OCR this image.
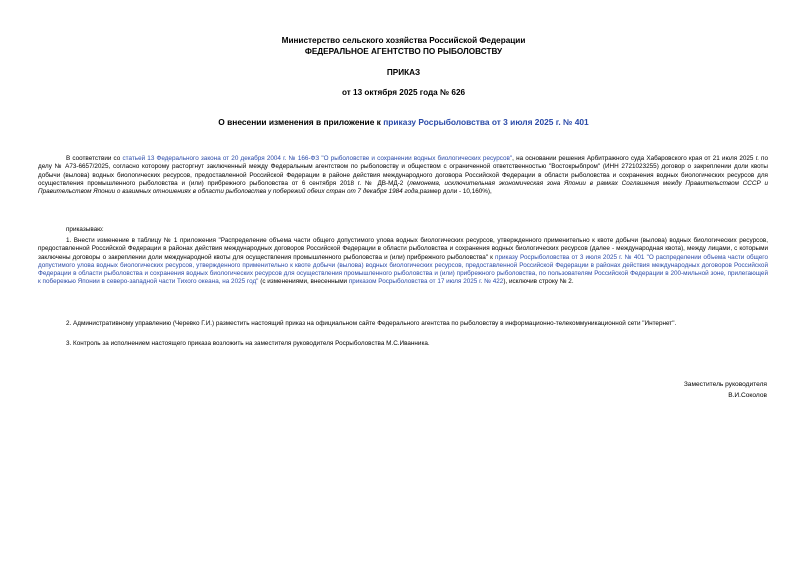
Министерство сельского хозяйства Российской Федерации
ФЕДЕРАЛЬНОЕ АГЕНТСТВО ПО РЫБОЛОВСТВУ
ПРИКАЗ
от 13 октября 2025 года № 626
О внесении изменения в приложение к приказу Росрыболовства от 3 июля 2025 г. № 401
В соответствии со статьей 13 Федерального закона от 20 декабря 2004 г. № 166-ФЗ "О рыболовстве и сохранении водных биологических ресурсов", на основании решения Арбитражного суда Хабаровского края от 21 июля 2025 г. по делу № А73-6657/2025, согласно которому расторгнут заключенный между Федеральным агентством по рыболовству и обществом с ограниченной ответственностью "Востокрыбпром" (ИНН 2721023255) договор о закреплении доли квоты добычи (вылова) водных биологических ресурсов, предоставленной Российской Федерации в районе действия международного договора Российской Федерации в области рыболовства и сохранения водных биологических ресурсов для осуществления промышленного рыболовства и (или) прибрежного рыболовства от 6 сентября 2018 г. № ДВ-МД-2 (лемонема, исключительная экономическая зона Японии в рамках Соглашения между Правительством СССР и Правительством Японии о взаимных отношениях в области рыболовства у побережий обеих стран от 7 декабря 1984 года,размер доли - 10,160%),
приказываю:
1. Внести изменение в таблицу № 1 приложения "Распределение объема части общего допустимого улова водных биологических ресурсов, утвержденного применительно к квоте добычи (вылова) водных биологических ресурсов, предоставленной Российской Федерации в районах действия международных договоров Российской Федерации в области рыболовства и сохранения водных биологических ресурсов (далее - международная квота), между лицами, с которыми заключены договоры о закреплении доли международной квоты для осуществления промышленного рыболовства и (или) прибрежного рыболовства" к приказу Росрыболовства от 3 июля 2025 г. № 401 "О распределении объема части общего допустимого улова водных биологических ресурсов, утвержденного применительно к квоте добычи (вылова) водных биологических ресурсов, предоставленной Российской Федерации в районах действия международных договоров Российской Федерации в области рыболовства и сохранения водных биологических ресурсов для осуществления промышленного рыболовства и (или) прибрежного рыболовства, по пользователям Российской Федерации в 200-мильной зоне, прилегающей к побережью Японии в северо-западной части Тихого океана, на 2025 год" (с изменениями, внесенными приказом Росрыболовства от 17 июля 2025 г. № 422), исключив строку № 2.
2. Административному управлению (Чеpевко Г.И.) разместить настоящий приказ на официальном сайте Федерального агентства по рыболовству в информационно-телекоммуникационной сети "Интернет".
3. Контроль за исполнением настоящего приказа возложить на заместителя руководителя Росрыболовства М.С.Иванника.
Заместитель руководителя
В.И.Соколов
